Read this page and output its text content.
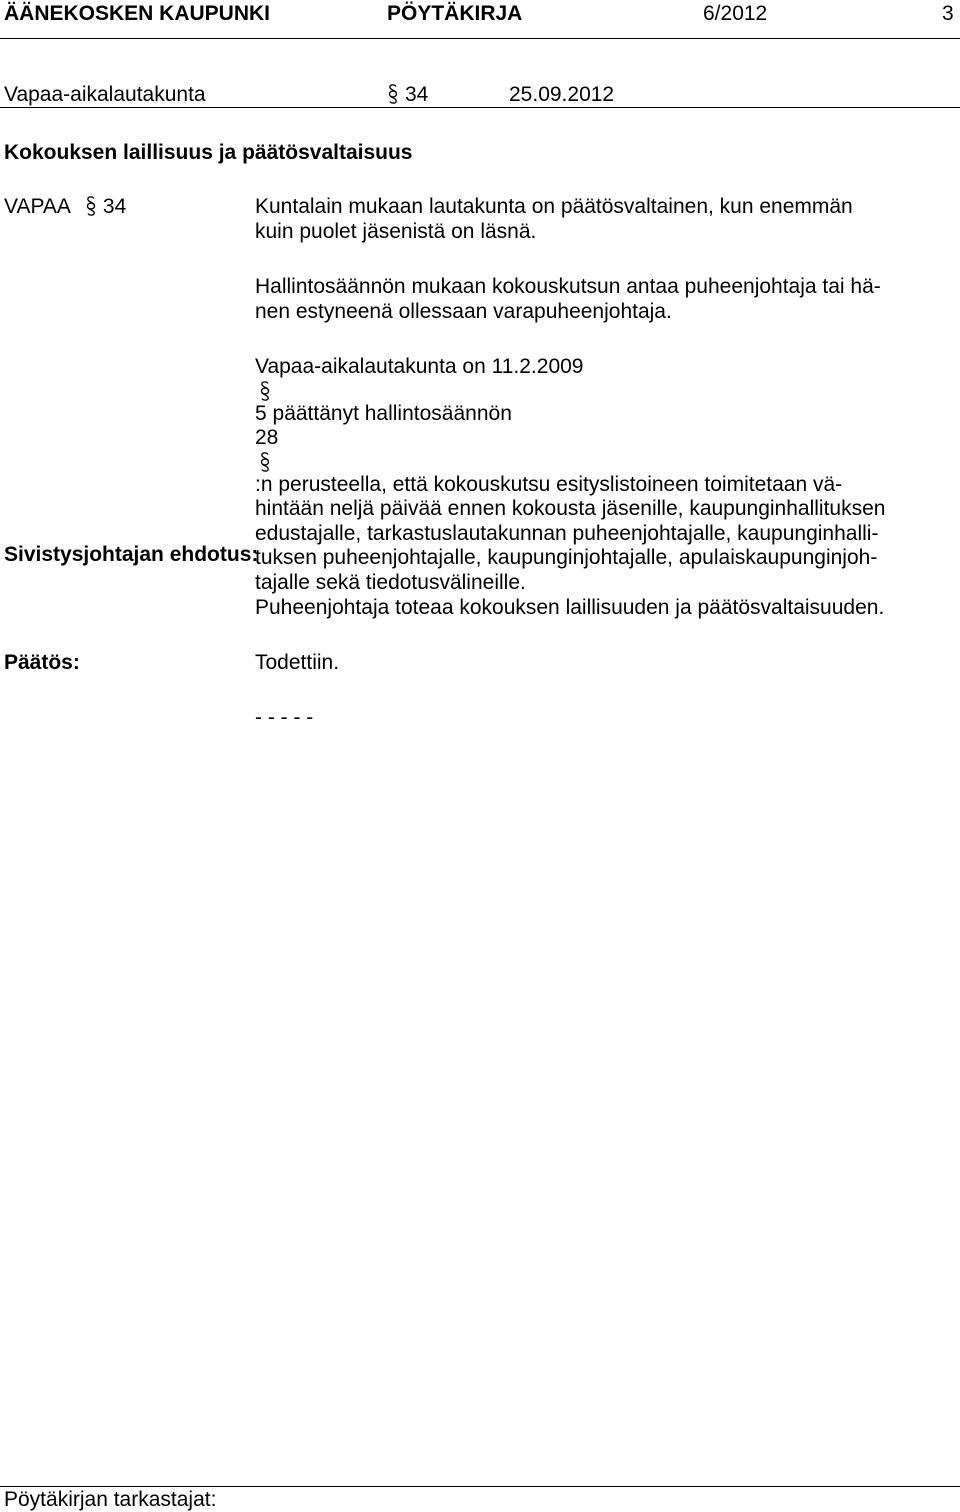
ÄÄNEKOSKEN KAUPUNKI	PÖYTÄKIRJA	6/2012	3
Vapaa-aikalautakunta	34	25.09.2012
Kokouksen laillisuus ja päätösvaltaisuus
VAPAA 34	Kuntalain mukaan lautakunta on päätösvaltainen, kun enemmän
kuin puolet jäsenistä on läsnä.
Hallintosäännön mukaan kokouskutsun antaa puheenjohtaja tai hä-
nen estyneenä ollessaan varapuheenjohtaja.
Vapaa-aikalautakunta on 11.2.2009
5 päättänyt hallintosäännön
28
:n perusteella, että kokouskutsu esityslistoineen toimitetaan vä-
hintään neljä päivää ennen kokousta jäsenille, kaupunginhallituksen
edustajalle, tarkastuslautakunnan puheenjohtajalle, kaupunginhalli-
tuksen puheenjohtajalle, kaupunginjohtajalle, apulaiskaupunginjoh-
tajalle sekä tiedotusvälineille.
Sivistysjohtajan ehdotus:
Puheenjohtaja toteaa kokouksen laillisuuden ja päätösvaltaisuuden.
Päätös:	Todettiin.
- - - - -
Pöytäkirjan tarkastajat:
